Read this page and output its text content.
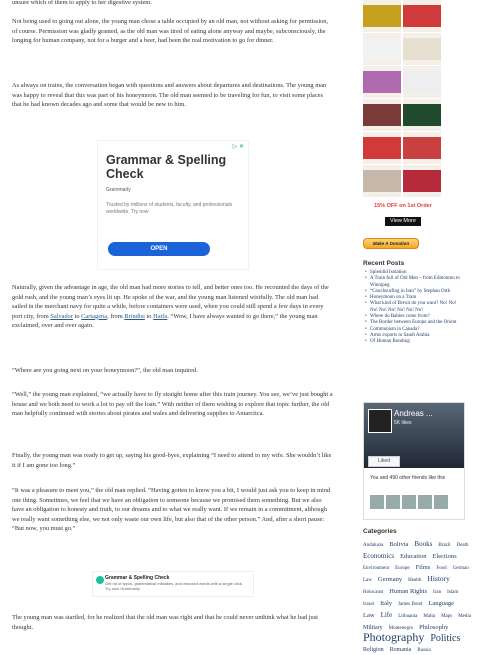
unsure which of them to apply to her digestive system.

Not being used to going out alone, the young man chose a table occupied by an old man, not without asking for permission, of course. Permission was gladly granted, as the old man was tired of eating alone anyway and maybe, subconsciously, the longing for human company, not for a burger and a beer, had been the real motivation to go for dinner.

As always on trains, the conversation began with questions and answers about departures and destinations. The young man was happy to reveal that this was part of his honeymoon. The old man seemed to be traveling for fun, to visit some places that he had known decades ago and some that would be new to him.

▷ ✕
Grammar & Spelling Check
Grammarly
Trusted by millions of students, faculty, and professionals worldwide. Try now
OPEN

Naturally, given the advantage in age, the old man had more stories to tell, and better ones too. He recounted the days of the gold rush, and the young man’s eyes lit up. He spoke of the war, and the young man listened wistfully. The old man had sailed in the merchant navy for quite a while, before containers were used, when you could still spend a few days in every port city, from Salvador to Cartagena, from Brindisi to Haifa. “Wow, I have always wanted to go there,” the young man exclaimed, over and over again.

“Where are you going next on your honeymoon?”, the old man inquired.

“Well,” the young man explained, “we actually have to fly straight home after this train journey. You see, we’ve just bought a house and we both need to work a lot to pay off the loan.” With neither of them wishing to explore that topic further, the old man helpfully continued with stories about pirates and wales and delivering supplies to Antarctica.

Finally, the young man was ready to get up, saying his good-byes, explaining “I need to attend to my wife. She wouldn’t like it if I am gone too long.”

“It was a pleasure to meet you,” the old man replied. “Having gotten to know you a bit, I would just ask you to keep in mind one thing. Sometimes, we feel that we have an obligation to someone because we promised them something. But we also have an obligation to honesty and truth, to our dreams and to what we really want. If we remain in a commitment, although we really want something else, we not only waste our own life, but also that of the other person.” And, after a short pause: “But now, you must go.”

Grammar & Spelling Check
Get rid of typos, grammatical mistakes, and misused words with a single click. Try now Grammarly

The young man was startled, for he realized that the old man was right and that he could never unthink what he had just thought.

15% OFF on 1st Order
View More
Make A Donation
Recent Posts
• Splendid Isolation
• A Train full of Old Men – from Edmonton to Winnipeg
• “Couchsurfing in Iran” by Stephan Orth
• Honeymoon on a Train
• What kind of Brexit do you want? No! No! No! No! No! No! No! No!
• Where do Babies come from?
• The Border between Europe and the Orient
• Communism in Canada?
• Arms exports to Saudi Arabia
• Of Human Bonding
Andreas ...
5K likes
Liked
You and 490 other friends like this
Categories
Andalusia Bolivia Books Brazil Death Economics Education Elections Environment Europe Films Food German Law Germany Health History Holocaust Human Rights Iran Islam Israel Italy James Bond Language Law Life Lithuania Malta Maps Media Military Montenegro Philosophy Photography Politics Religion Romania Russia
